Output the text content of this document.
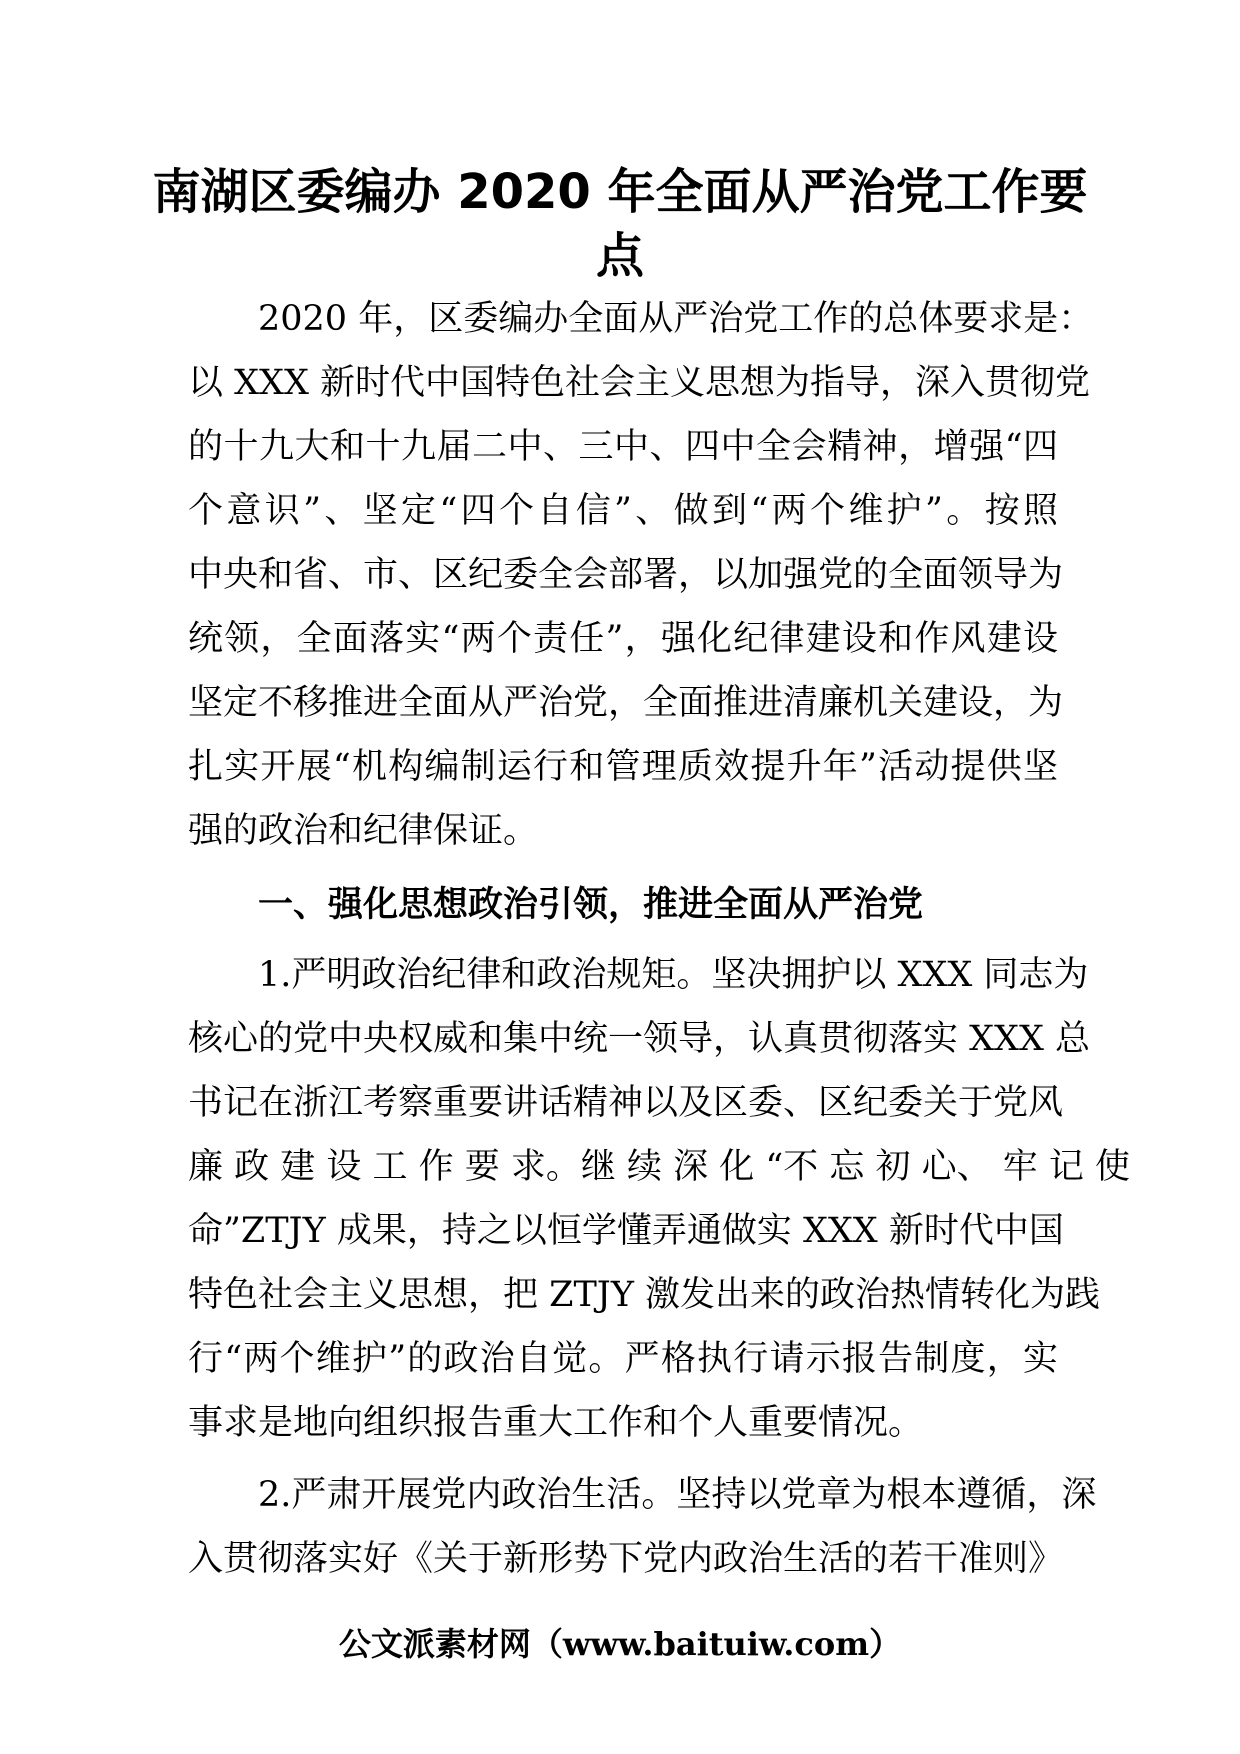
南湖区委编办 2020 年全面从严治党工作要
点
2020 年，区委编办全面从严治党工作的总体要求是：
以 XXX 新时代中国特色社会主义思想为指导，深入贯彻党
的十九大和十九届二中、三中、四中全会精神，增强“四
个意识”、坚定“四个自信”、做到“两个维护”。按照
中央和省、市、区纪委全会部署，以加强党的全面领导为
统领，全面落实“两个责任”，强化纪律建设和作风建设
坚定不移推进全面从严治党，全面推进清廉机关建设，为
扎实开展“机构编制运行和管理质效提升年”活动提供坚
强的政治和纪律保证。
一、强化思想政治引领，推进全面从严治党
1.严明政治纪律和政治规矩。坚决拥护以 XXX 同志为
核心的党中央权威和集中统一领导，认真贯彻落实 XXX 总
书记在浙江考察重要讲话精神以及区委、区纪委关于党风
廉 政 建 设 工 作 要 求。继 续 深 化 “不 忘 初 心、 牢 记 使
命”ZTJY 成果，持之以恒学懂弄通做实 XXX 新时代中国
特色社会主义思想，把 ZTJY 激发出来的政治热情转化为践
行“两个维护”的政治自觉。严格执行请示报告制度，实
事求是地向组织报告重大工作和个人重要情况。
2.严肃开展党内政治生活。坚持以党章为根本遵循，深
入贯彻落实好《关于新形势下党内政治生活的若干准则》
公文派素材网（www.baituiw.com）
